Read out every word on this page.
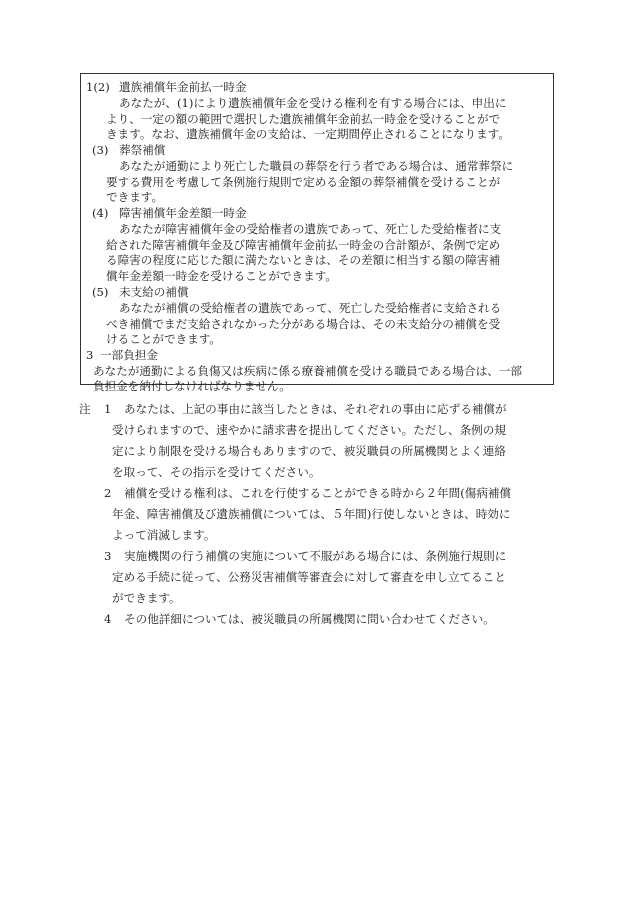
1(2) 遺族補償年金前払一時金
あなたが、(1)により遺族補償年金を受ける権利を有する場合には、申出に
より、一定の額の範囲で選択した遺族補償年金前払一時金を受けることがで
きます。なお、遺族補償年金の支給は、一定期間停止されることになります。
(3) 葬祭補償
あなたが通勤により死亡した職員の葬祭を行う者である場合は、通常葬祭に
要する費用を考慮して条例施行規則で定める金額の葬祭補償を受けることが
できます。
(4) 障害補償年金差額一時金
あなたが障害補償年金の受給権者の遺族であって、死亡した受給権者に支
給された障害補償年金及び障害補償年金前払一時金の合計額が、条例で定め
る障害の程度に応じた額に満たないときは、その差額に相当する額の障害補
償年金差額一時金を受けることができます。
(5) 未支給の補償
あなたが補償の受給権者の遺族であって、死亡した受給権者に支給される
べき補償でまだ支給されなかった分がある場合は、その未支給分の補償を受
けることができます。
3 一部負担金
あなたが通勤による負傷又は疾病に係る療養補償を受ける職員である場合は、一部
負担金を納付しなければなりません。
注 1 あなたは、上記の事由に該当したときは、それぞれの事由に応ずる補償が
受けられますので、速やかに請求書を提出してください。ただし、条例の規
定により制限を受ける場合もありますので、被災職員の所属機関とよく連絡
を取って、その指示を受けてください。
2 補償を受ける権利は、これを行使することができる時から２年間(傷病補償
年金、障害補償及び遺族補償については、５年間)行使しないときは、時効に
よって消滅します。
3 実施機関の行う補償の実施について不服がある場合には、条例施行規則に
定める手続に従って、公務災害補償等審査会に対して審査を申し立てること
ができます。
4 その他詳細については、被災職員の所属機関に問い合わせてください。
